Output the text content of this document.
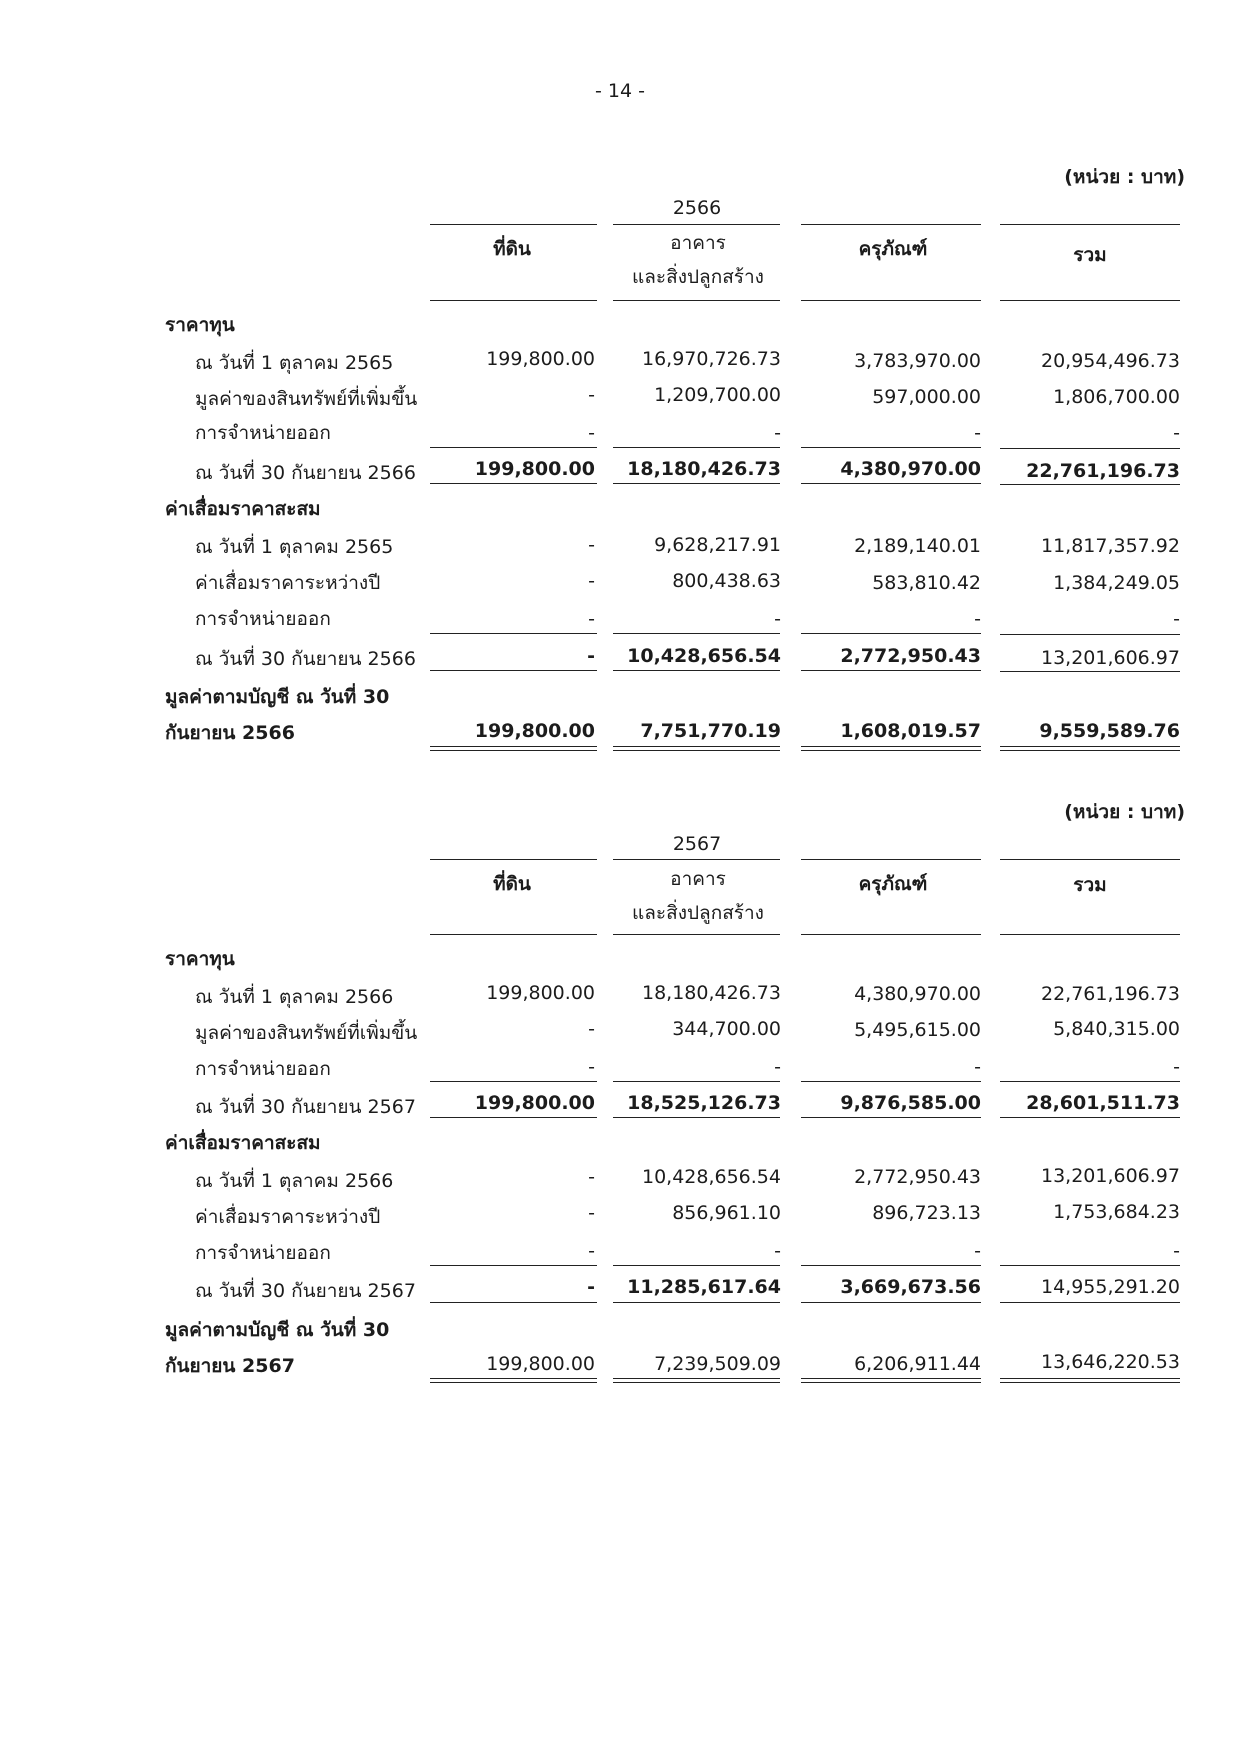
- 14 -
(หน่วย : บาท)
2566
ที่ดิน	อาคาร
และสิ่งปลูกสร้าง
ครุภัณฑ์	รวม
ราคาทุน
ณ วันที่ 1 ตุลาคม 2565	199,800.00	16,970,726.73	3,783,970.00	20,954,496.73
มูลค่าของสินทรัพย์ที่เพิ่มขึ้น	-	1,209,700.00	597,000.00	1,806,700.00
การจำหน่ายออก	-	-	-	-
ณ วันที่ 30 กันยายน 2566	199,800.00	18,180,426.73	4,380,970.00	22,761,196.73
ค่าเสื่อมราคาสะสม
ณ วันที่ 1 ตุลาคม 2565	-	9,628,217.91	2,189,140.01	11,817,357.92
ค่าเสื่อมราคาระหว่างปี	-	800,438.63	583,810.42	1,384,249.05
การจำหน่ายออก	-	-	-	-
ณ วันที่ 30 กันยายน 2566	-	10,428,656.54	2,772,950.43	13,201,606.97
มูลค่าตามบัญชี ณ วันที่ 30
กันยายน 2566	199,800.00	7,751,770.19	1,608,019.57	9,559,589.76
(หน่วย : บาท)
2567
ที่ดิน	อาคาร
และสิ่งปลูกสร้าง
ครุภัณฑ์	รวม
ราคาทุน
ณ วันที่ 1 ตุลาคม 2566	199,800.00	18,180,426.73	4,380,970.00	22,761,196.73
มูลค่าของสินทรัพย์ที่เพิ่มขึ้น	-	344,700.00	5,495,615.00	5,840,315.00
การจำหน่ายออก	-	-	-	-
ณ วันที่ 30 กันยายน 2567	199,800.00	18,525,126.73	9,876,585.00	28,601,511.73
ค่าเสื่อมราคาสะสม
ณ วันที่ 1 ตุลาคม 2566	-	10,428,656.54	2,772,950.43	13,201,606.97
ค่าเสื่อมราคาระหว่างปี	-	856,961.10	896,723.13	1,753,684.23
การจำหน่ายออก	-	-	-	-
ณ วันที่ 30 กันยายน 2567	-	11,285,617.64	3,669,673.56	14,955,291.20
มูลค่าตามบัญชี ณ วันที่ 30
กันยายน 2567	199,800.00	7,239,509.09	6,206,911.44	13,646,220.53
